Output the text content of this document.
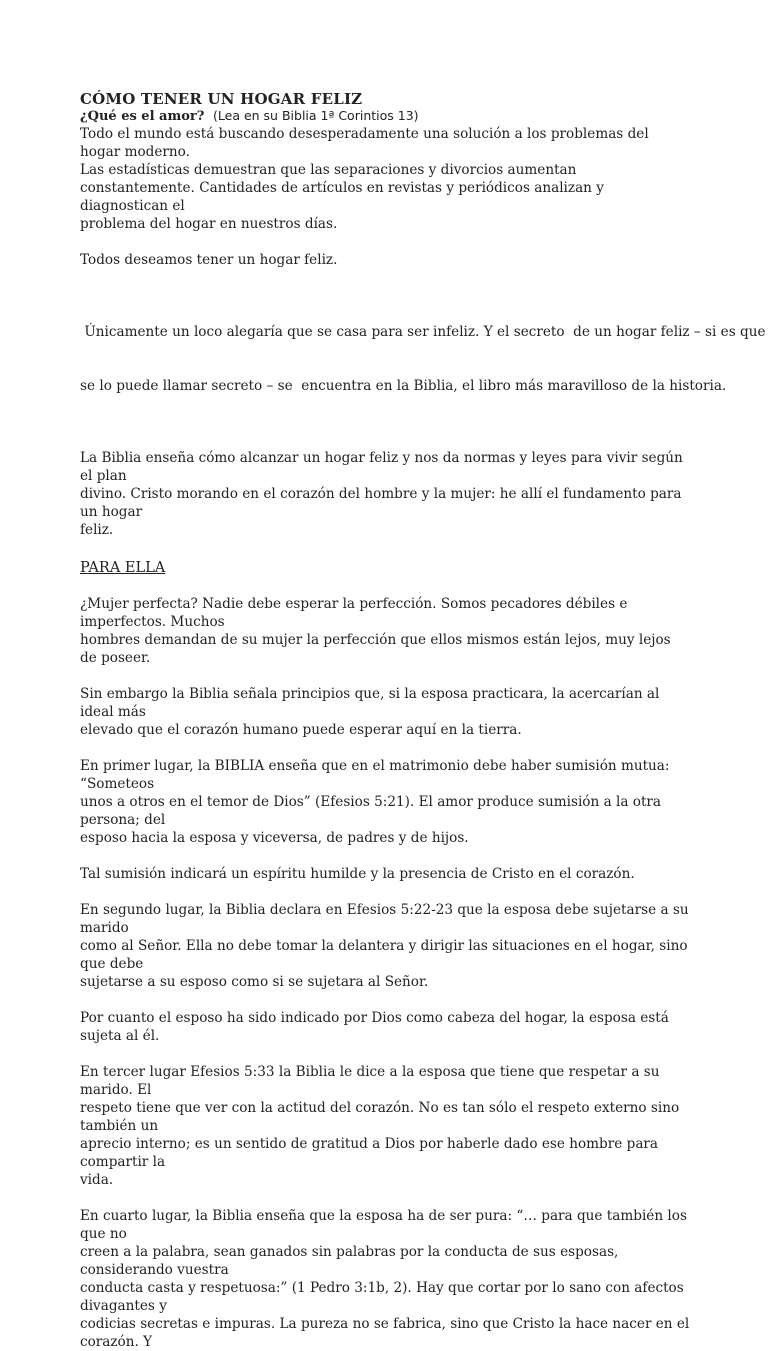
CÓMO TENER UN HOGAR FELIZ

¿Qué es el amor? (Lea en su Biblia 1ª Corintios 13)

Todo el mundo está buscando desesperadamente una solución a los problemas del hogar moderno.
Las estadísticas demuestran que las separaciones y divorcios aumentan
constantemente. Cantidades de artículos en revistas y periódicos analizan y diagnostican el
problema del hogar en nuestros días.
Todos deseamos tener un hogar feliz.

Únicamente un loco alegaría que se casa para ser infeliz. Y el secreto  de un hogar feliz – si es que

se lo puede llamar secreto – se  encuentra en la Biblia, el libro más maravilloso de la historia.

La Biblia enseña cómo alcanzar un hogar feliz y nos da normas y leyes para vivir según el plan
divino. Cristo morando en el corazón del hombre y la mujer: he allí el fundamento para un hogar
feliz.
PARA ELLA
¿Mujer perfecta? Nadie debe esperar la perfección. Somos pecadores débiles e imperfectos. Muchos
hombres demandan de su mujer la perfección que ellos mismos están lejos, muy lejos de poseer.
Sin embargo la Biblia señala principios que, si la esposa practicara, la acercarían al ideal más
elevado que el corazón humano puede esperar aquí en la tierra.
En primer lugar, la BIBLIA enseña que en el matrimonio debe haber sumisión mutua: “Someteos
unos a otros en el temor de Dios” (Efesios 5:21). El amor produce sumisión a la otra persona; del
esposo hacia la esposa y viceversa, de padres y de hijos.
Tal sumisión indicará un espíritu humilde y la presencia de Cristo en el corazón.
En segundo lugar, la Biblia declara en Efesios 5:22-23 que la esposa debe sujetarse a su marido
como al Señor. Ella no debe tomar la delantera y dirigir las situaciones en el hogar, sino que debe
sujetarse a su esposo como si se sujetara al Señor.
Por cuanto el esposo ha sido indicado por Dios como cabeza del hogar, la esposa está sujeta al él.
En tercer lugar Efesios 5:33 la Biblia le dice a la esposa que tiene que respetar a su marido. El
respeto tiene que ver con la actitud del corazón. No es tan sólo el respeto externo sino también un
aprecio interno; es un sentido de gratitud a Dios por haberle dado ese hombre para compartir la
vida.
En cuarto lugar, la Biblia enseña que la esposa ha de ser pura: “… para que también los que no
creen a la palabra, sean ganados sin palabras por la conducta de sus esposas, considerando vuestra
conducta casta y respetuosa:” (1 Pedro 3:1b, 2). Hay que cortar por lo sano con afectos divagantes y
codicias secretas e impuras. La pureza no se fabrica, sino que Cristo la hace nacer en el corazón. Y
